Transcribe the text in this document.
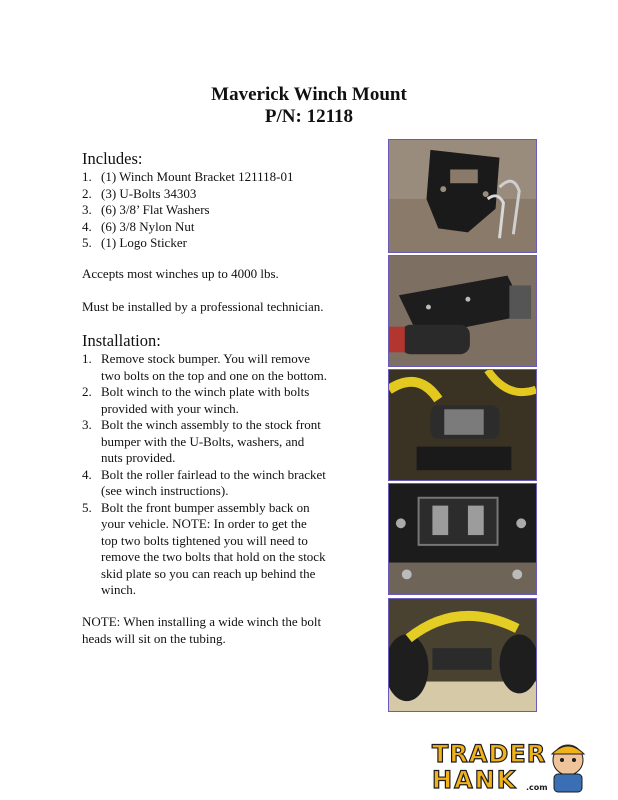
Maverick Winch Mount
P/N: 12118
Includes:
1. (1) Winch Mount Bracket 121118-01
2. (3) U-Bolts 34303
3. (6) 3/8’ Flat Washers
4. (6) 3/8 Nylon Nut
5. (1) Logo Sticker
Accepts most winches up to 4000 lbs.
Must be installed by a professional technician.
Installation:
1. Remove stock bumper. You will remove
two bolts on the top and one on the bottom.
2. Bolt winch to the winch plate with bolts
provided with your winch.
3. Bolt the winch assembly to the stock front
bumper with the U-Bolts, washers, and
nuts provided.
4. Bolt the roller fairlead to the winch bracket
(see winch instructions).
5. Bolt the front bumper assembly back on
your vehicle. NOTE: In order to get the
top two bolts tightened you will need to
remove the two bolts that hold on the stock
skid plate so you can reach up behind the
winch.
NOTE: When installing a wide winch the bolt
heads will sit on the tubing.
TRADER
HANK .com
